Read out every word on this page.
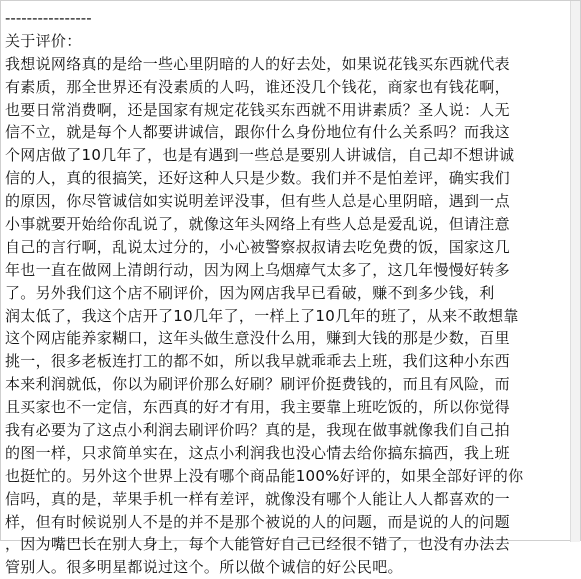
----------------
关于评价：
我想说网络真的是给一些心里阴暗的人的好去处，如果说花钱买东西就代表
有素质，那全世界还有没素质的人吗，谁还没几个钱花，商家也有钱花啊，
也要日常消费啊，还是国家有规定花钱买东西就不用讲素质？圣人说：人无
信不立，就是每个人都要讲诚信，跟你什么身份地位有什么关系吗？而我这
个网店做了10几年了，也是有遇到一些总是要别人讲诚信，自己却不想讲诚
信的人，真的很搞笑，还好这种人只是少数。我们并不是怕差评，确实我们
的原因，你尽管诚信如实说明差评没事，但有些人总是心里阴暗，遇到一点
小事就要开始给你乱说了，就像这年头网络上有些人总是爱乱说，但请注意
自己的言行啊，乱说太过分的，小心被警察叔叔请去吃免费的饭，国家这几
年也一直在做网上清朗行动，因为网上乌烟瘴气太多了，这几年慢慢好转多
了。另外我们这个店不刷评价，因为网店我早已看破，赚不到多少钱，利
润太低了，我这个店开了10几年了，一样上了10几年的班了，从来不敢想靠
这个网店能养家糊口，这年头做生意没什么用，赚到大钱的那是少数，百里
挑一，很多老板连打工的都不如，所以我早就乖乖去上班，我们这种小东西
本来利润就低，你以为刷评价那么好刷？刷评价挺费钱的，而且有风险，而
且买家也不一定信，东西真的好才有用，我主要靠上班吃饭的，所以你觉得
我有必要为了这点小利润去刷评价吗？真的是，我现在做事就像我们自己拍
的图一样，只求简单实在，这点小利润我也没心情去给你搞东搞西，我上班
也挺忙的。另外这个世界上没有哪个商品能100%好评的，如果全部好评的你
信吗，真的是，苹果手机一样有差评，就像没有哪个人能让人人都喜欢的一
样，但有时候说别人不是的并不是那个被说的人的问题，而是说的人的问题
，因为嘴巴长在别人身上，每个人能管好自己已经很不错了，也没有办法去
管别人。很多明星都说过这个。所以做个诚信的好公民吧。
